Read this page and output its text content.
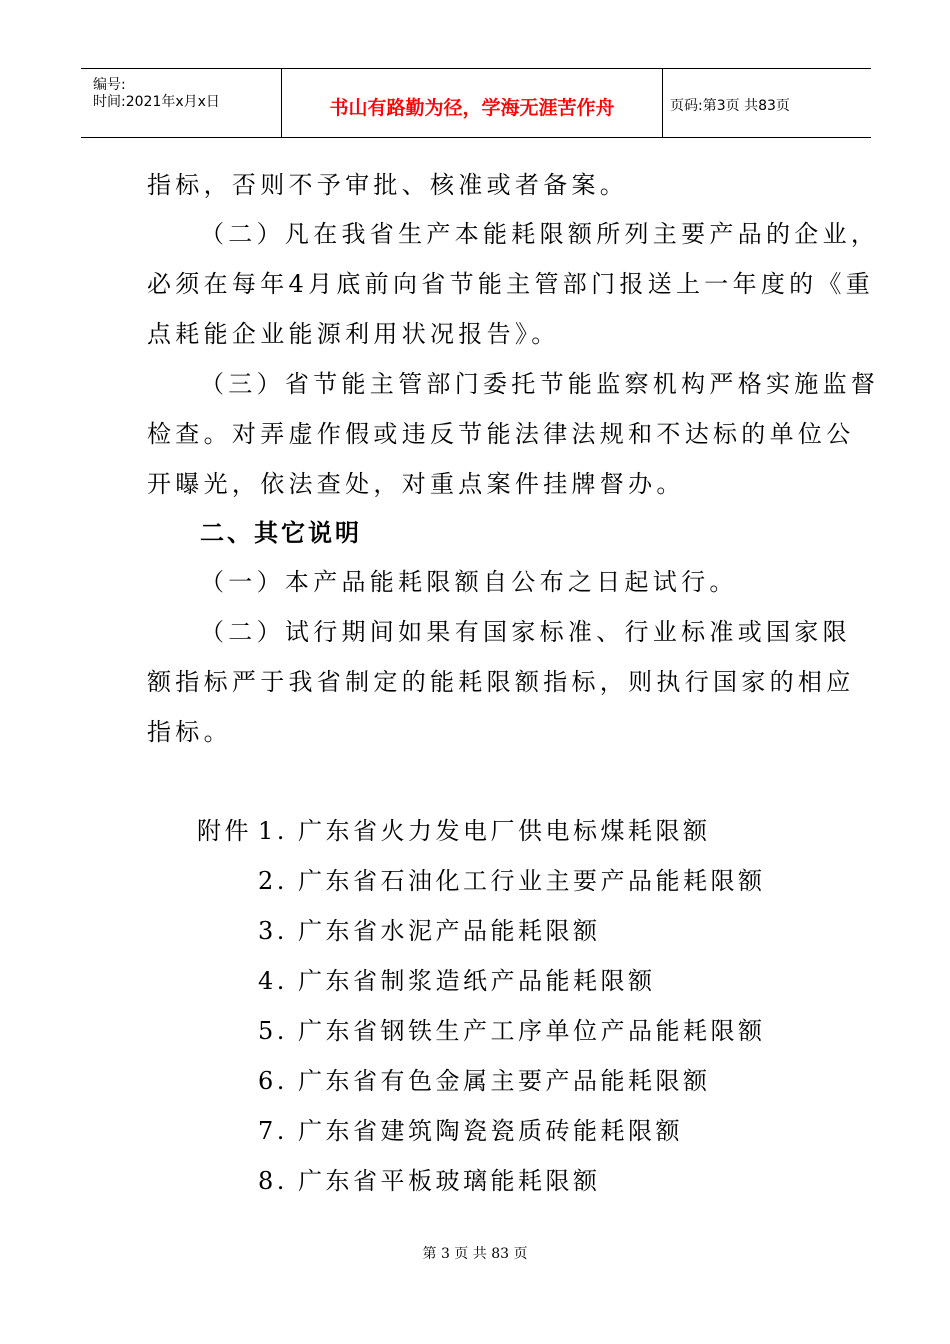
编号:
时间:2021年x月x日	书山有路勤为径，学海无涯苦作舟	页码:第3页 共83页
指标，否则不予审批、核准或者备案。
（二）凡在我省生产本能耗限额所列主要产品的企业，
必须在每年4月底前向省节能主管部门报送上一年度的《重
点耗能企业能源利用状况报告》。
（三）省节能主管部门委托节能监察机构严格实施监督
检查。对弄虚作假或违反节能法律法规和不达标的单位公
开曝光，依法查处，对重点案件挂牌督办。
二、其它说明
（一）本产品能耗限额自公布之日起试行。
（二）试行期间如果有国家标准、行业标准或国家限
额指标严于我省制定的能耗限额指标，则执行国家的相应
指标。
附件 1. 广东省火力发电厂供电标煤耗限额
2. 广东省石油化工行业主要产品能耗限额
3. 广东省水泥产品能耗限额
4. 广东省制浆造纸产品能耗限额
5. 广东省钢铁生产工序单位产品能耗限额
6. 广东省有色金属主要产品能耗限额
7. 广东省建筑陶瓷瓷质砖能耗限额
8. 广东省平板玻璃能耗限额
第 3 页 共 83 页
